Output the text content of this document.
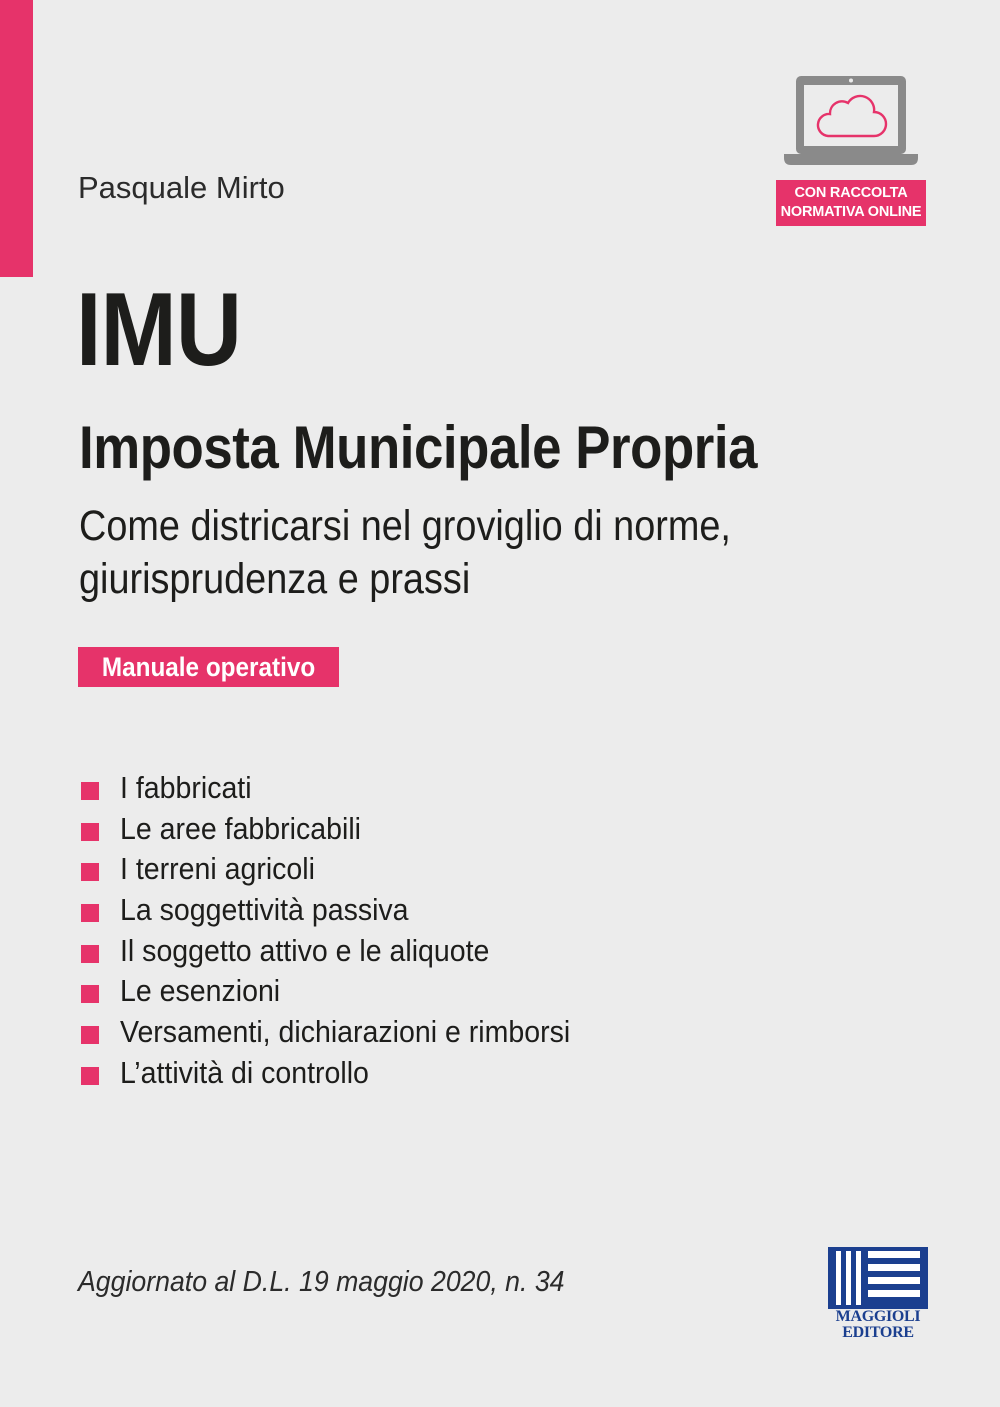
Pasquale Mirto	CON RACCOLTA
NORMATIVA ONLINE
IMU
Imposta Municipale Propria
Come districarsi nel groviglio di norme,
giurisprudenza e prassi
Manuale operativo
I fabbricati
Le aree fabbricabili
I terreni agricoli
La soggettività passiva
Il soggetto attivo e le aliquote
Le esenzioni
Versamenti, dichiarazioni e rimborsi
L’attività di controllo
Aggiornato al D.L. 19 maggio 2020, n. 34
MAGGIOLI
EDITORE
